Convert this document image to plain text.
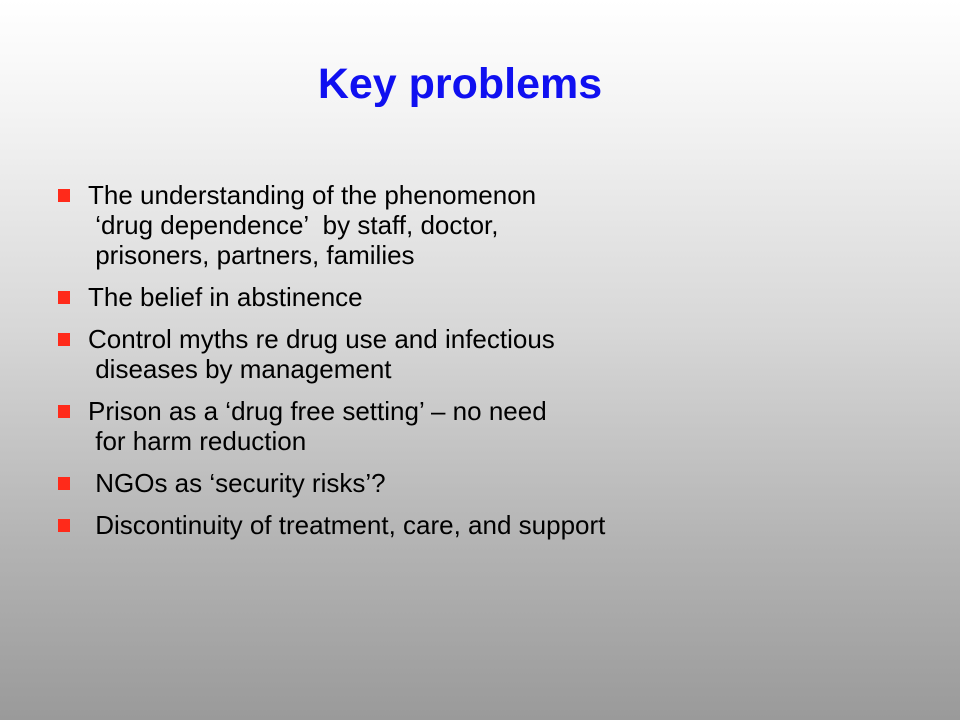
Key problems
The understanding of the phenomenon
‘drug dependence’  by staff, doctor,
prisoners, partners, families
The belief in abstinence
Control myths re drug use and infectious
diseases by management
Prison as a ‘drug free setting’ – no need
for harm reduction
NGOs as ‘security risks’?
Discontinuity of treatment, care, and support
